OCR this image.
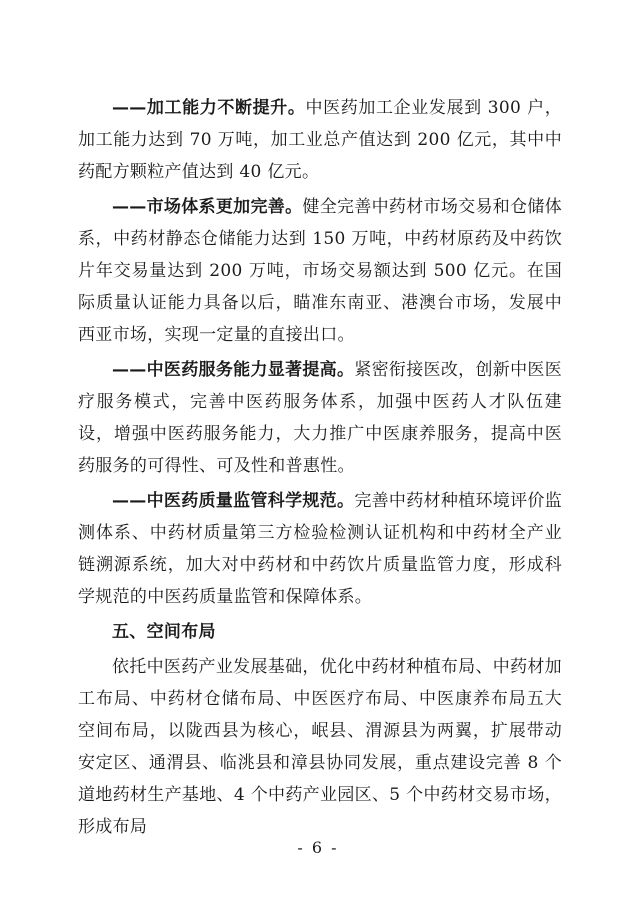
——加工能力不断提升。中医药加工企业发展到 300 户，加工能力达到 70 万吨，加工业总产值达到 200 亿元，其中中药配方颗粒产值达到 40 亿元。

——市场体系更加完善。健全完善中药材市场交易和仓储体系，中药材静态仓储能力达到 150 万吨，中药材原药及中药饮片年交易量达到 200 万吨，市场交易额达到 500 亿元。在国际质量认证能力具备以后，瞄准东南亚、港澳台市场，发展中西亚市场，实现一定量的直接出口。

——中医药服务能力显著提高。紧密衔接医改，创新中医医疗服务模式，完善中医药服务体系，加强中医药人才队伍建设，增强中医药服务能力，大力推广中医康养服务，提高中医药服务的可得性、可及性和普惠性。

——中医药质量监管科学规范。完善中药材种植环境评价监测体系、中药材质量第三方检验检测认证机构和中药材全产业链溯源系统，加大对中药材和中药饮片质量监管力度，形成科学规范的中医药质量监管和保障体系。

五、空间布局

依托中医药产业发展基础，优化中药材种植布局、中药材加工布局、中药材仓储布局、中医医疗布局、中医康养布局五大空间布局，以陇西县为核心，岷县、渭源县为两翼，扩展带动安定区、通渭县、临洮县和漳县协同发展，重点建设完善 8 个道地药材生产基地、4 个中药产业园区、5 个中药材交易市场，形成布局

- 6 -
